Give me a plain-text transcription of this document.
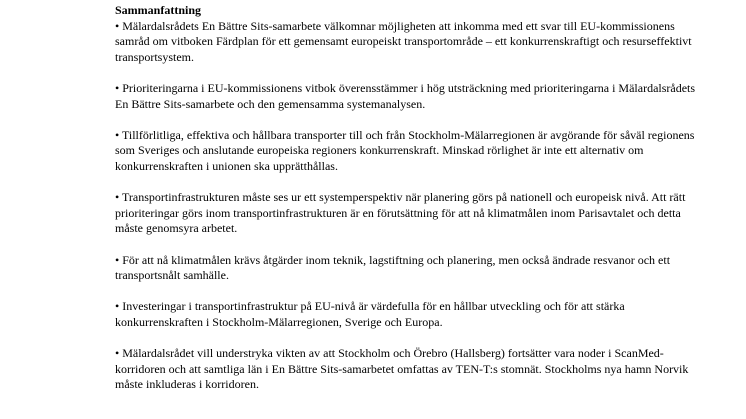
Sammanfattning

• Mälardalsrådets En Bättre Sits-samarbete välkomnar möjligheten att inkomma med ett svar till EU-kommissionens samråd om vitboken Färdplan för ett gemensamt europeiskt transportområde – ett konkurrenskraftigt och resurseffektivt transportsystem.

• Prioriteringarna i EU-kommissionens vitbok överensstämmer i hög utsträckning med prioriteringarna i Mälardalsrådets En Bättre Sits-samarbete och den gemensamma systemanalysen.

• Tillförlitliga, effektiva och hållbara transporter till och från Stockholm-Mälarregionen är avgörande för såväl regionens som Sveriges och anslutande europeiska regioners konkurrenskraft. Minskad rörlighet är inte ett alternativ om konkurrenskraften i unionen ska upprätthållas.

• Transportinfrastrukturen måste ses ur ett systemperspektiv när planering görs på nationell och europeisk nivå. Att rätt prioriteringar görs inom transportinfrastrukturen är en förutsättning för att nå klimatmålen inom Parisavtalet och detta måste genomsyra arbetet.

• För att nå klimatmålen krävs åtgärder inom teknik, lagstiftning och planering, men också ändrade resvanor och ett transportsnålt samhälle.

• Investeringar i transportinfrastruktur på EU-nivå är värdefulla för en hållbar utveckling och för att stärka konkurrenskraften i Stockholm-Mälarregionen, Sverige och Europa.

• Mälardalsrådet vill understryka vikten av att Stockholm och Örebro (Hallsberg) fortsätter vara noder i ScanMed-korridoren och att samtliga län i En Bättre Sits-samarbetet omfattas av TEN-T:s stomnät. Stockholms nya hamn Norvik måste inkluderas i korridoren.
